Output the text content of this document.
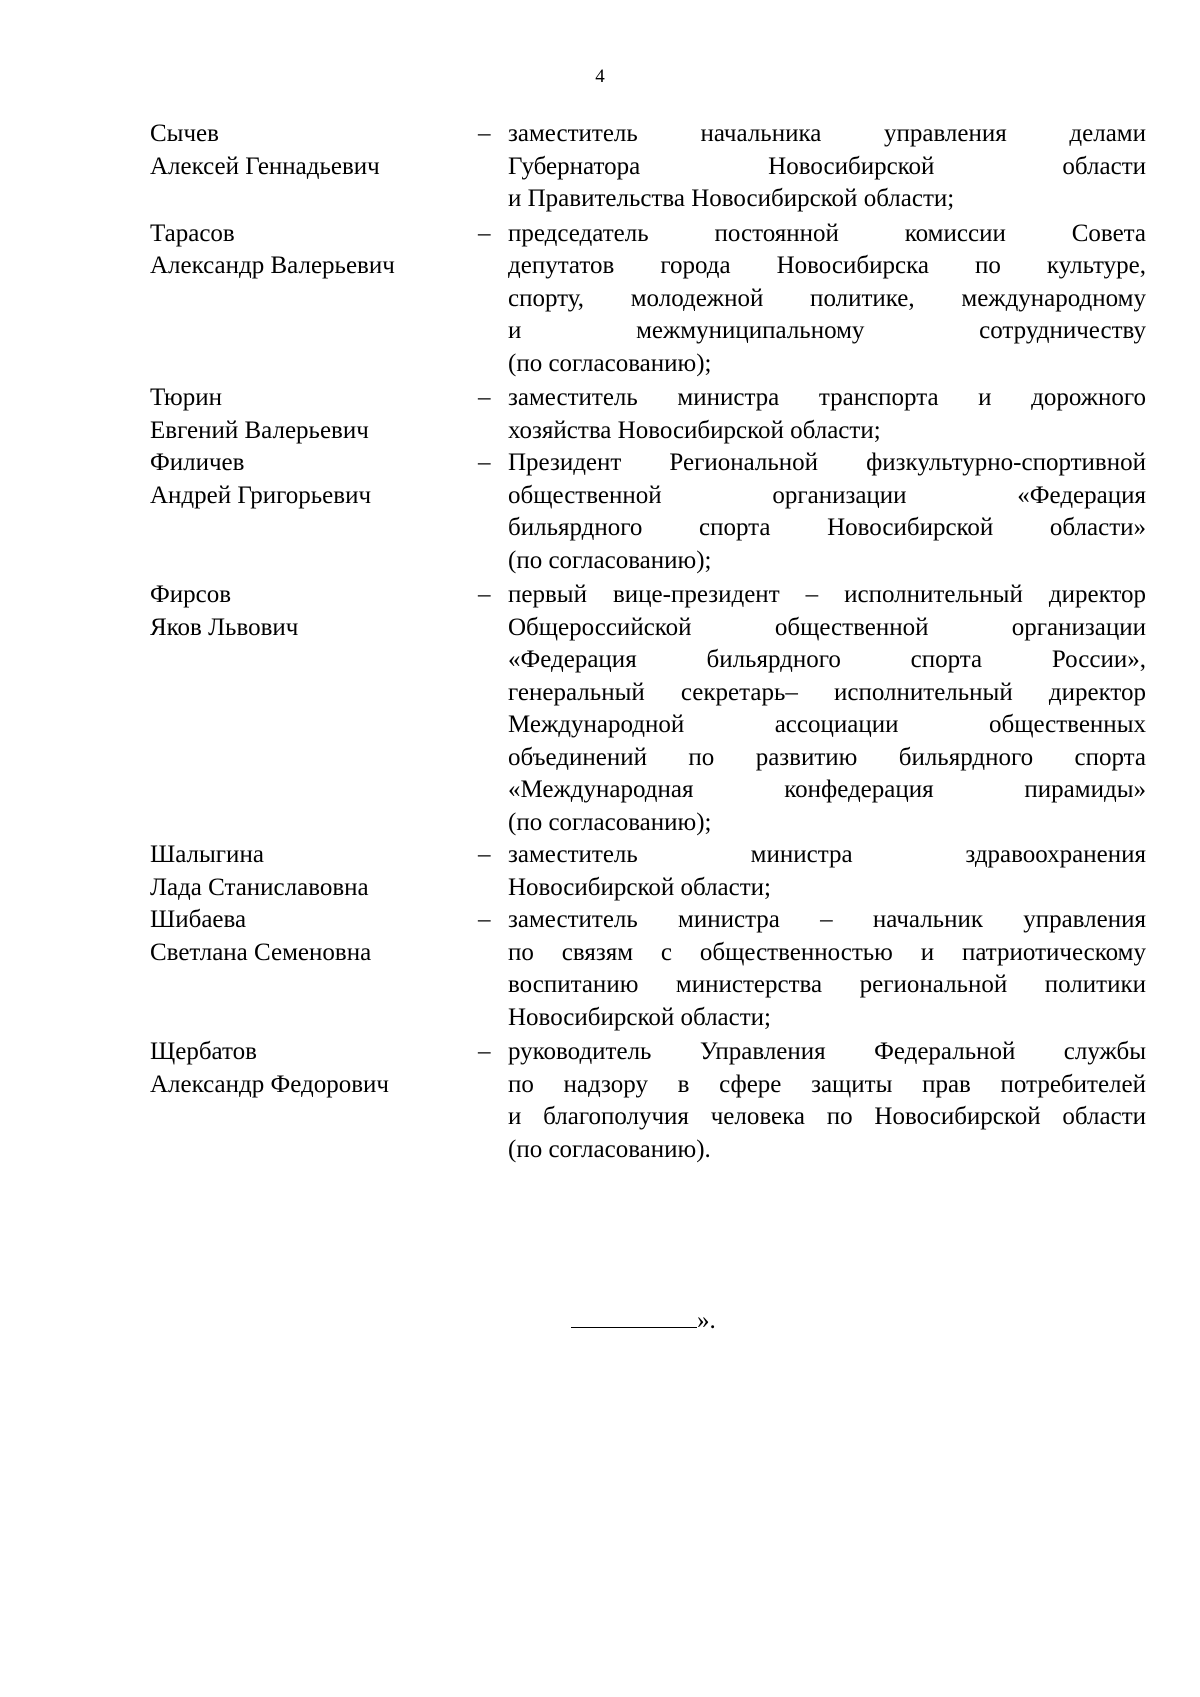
4
Сычев
Алексей Геннадьевич
– заместитель начальника управления делами
Губернатора Новосибирской области
и Правительства Новосибирской области;
Тарасов
Александр Валерьевич
– председатель постоянной комиссии Совета
депутатов города Новосибирска по культуре,
спорту, молодежной политике, международному
и межмуниципальному сотрудничеству
(по согласованию);
Тюрин
Евгений Валерьевич
– заместитель министра транспорта и дорожного
хозяйства Новосибирской области;
Филичев
Андрей Григорьевич
– Президент Региональной физкультурно-спортивной
общественной организации «Федерация
бильярдного спорта Новосибирской области»
(по согласованию);
Фирсов
Яков Львович
– первый вице-президент – исполнительный директор
Общероссийской общественной организации
«Федерация бильярдного спорта России»,
генеральный секретарь– исполнительный директор
Международной ассоциации общественных
объединений по развитию бильярдного спорта
«Международная конфедерация пирамиды»
(по согласованию);
Шалыгина
Лада Станиславовна
– заместитель министра здравоохранения
Новосибирской области;
Шибаева
Светлана Семеновна
– заместитель министра – начальник управления
по связям с общественностью и патриотическому
воспитанию министерства региональной политики
Новосибирской области;
Щербатов
Александр Федорович
– руководитель Управления Федеральной службы
по надзору в сфере защиты прав потребителей
и благополучия человека по Новосибирской области
(по согласованию).
».
